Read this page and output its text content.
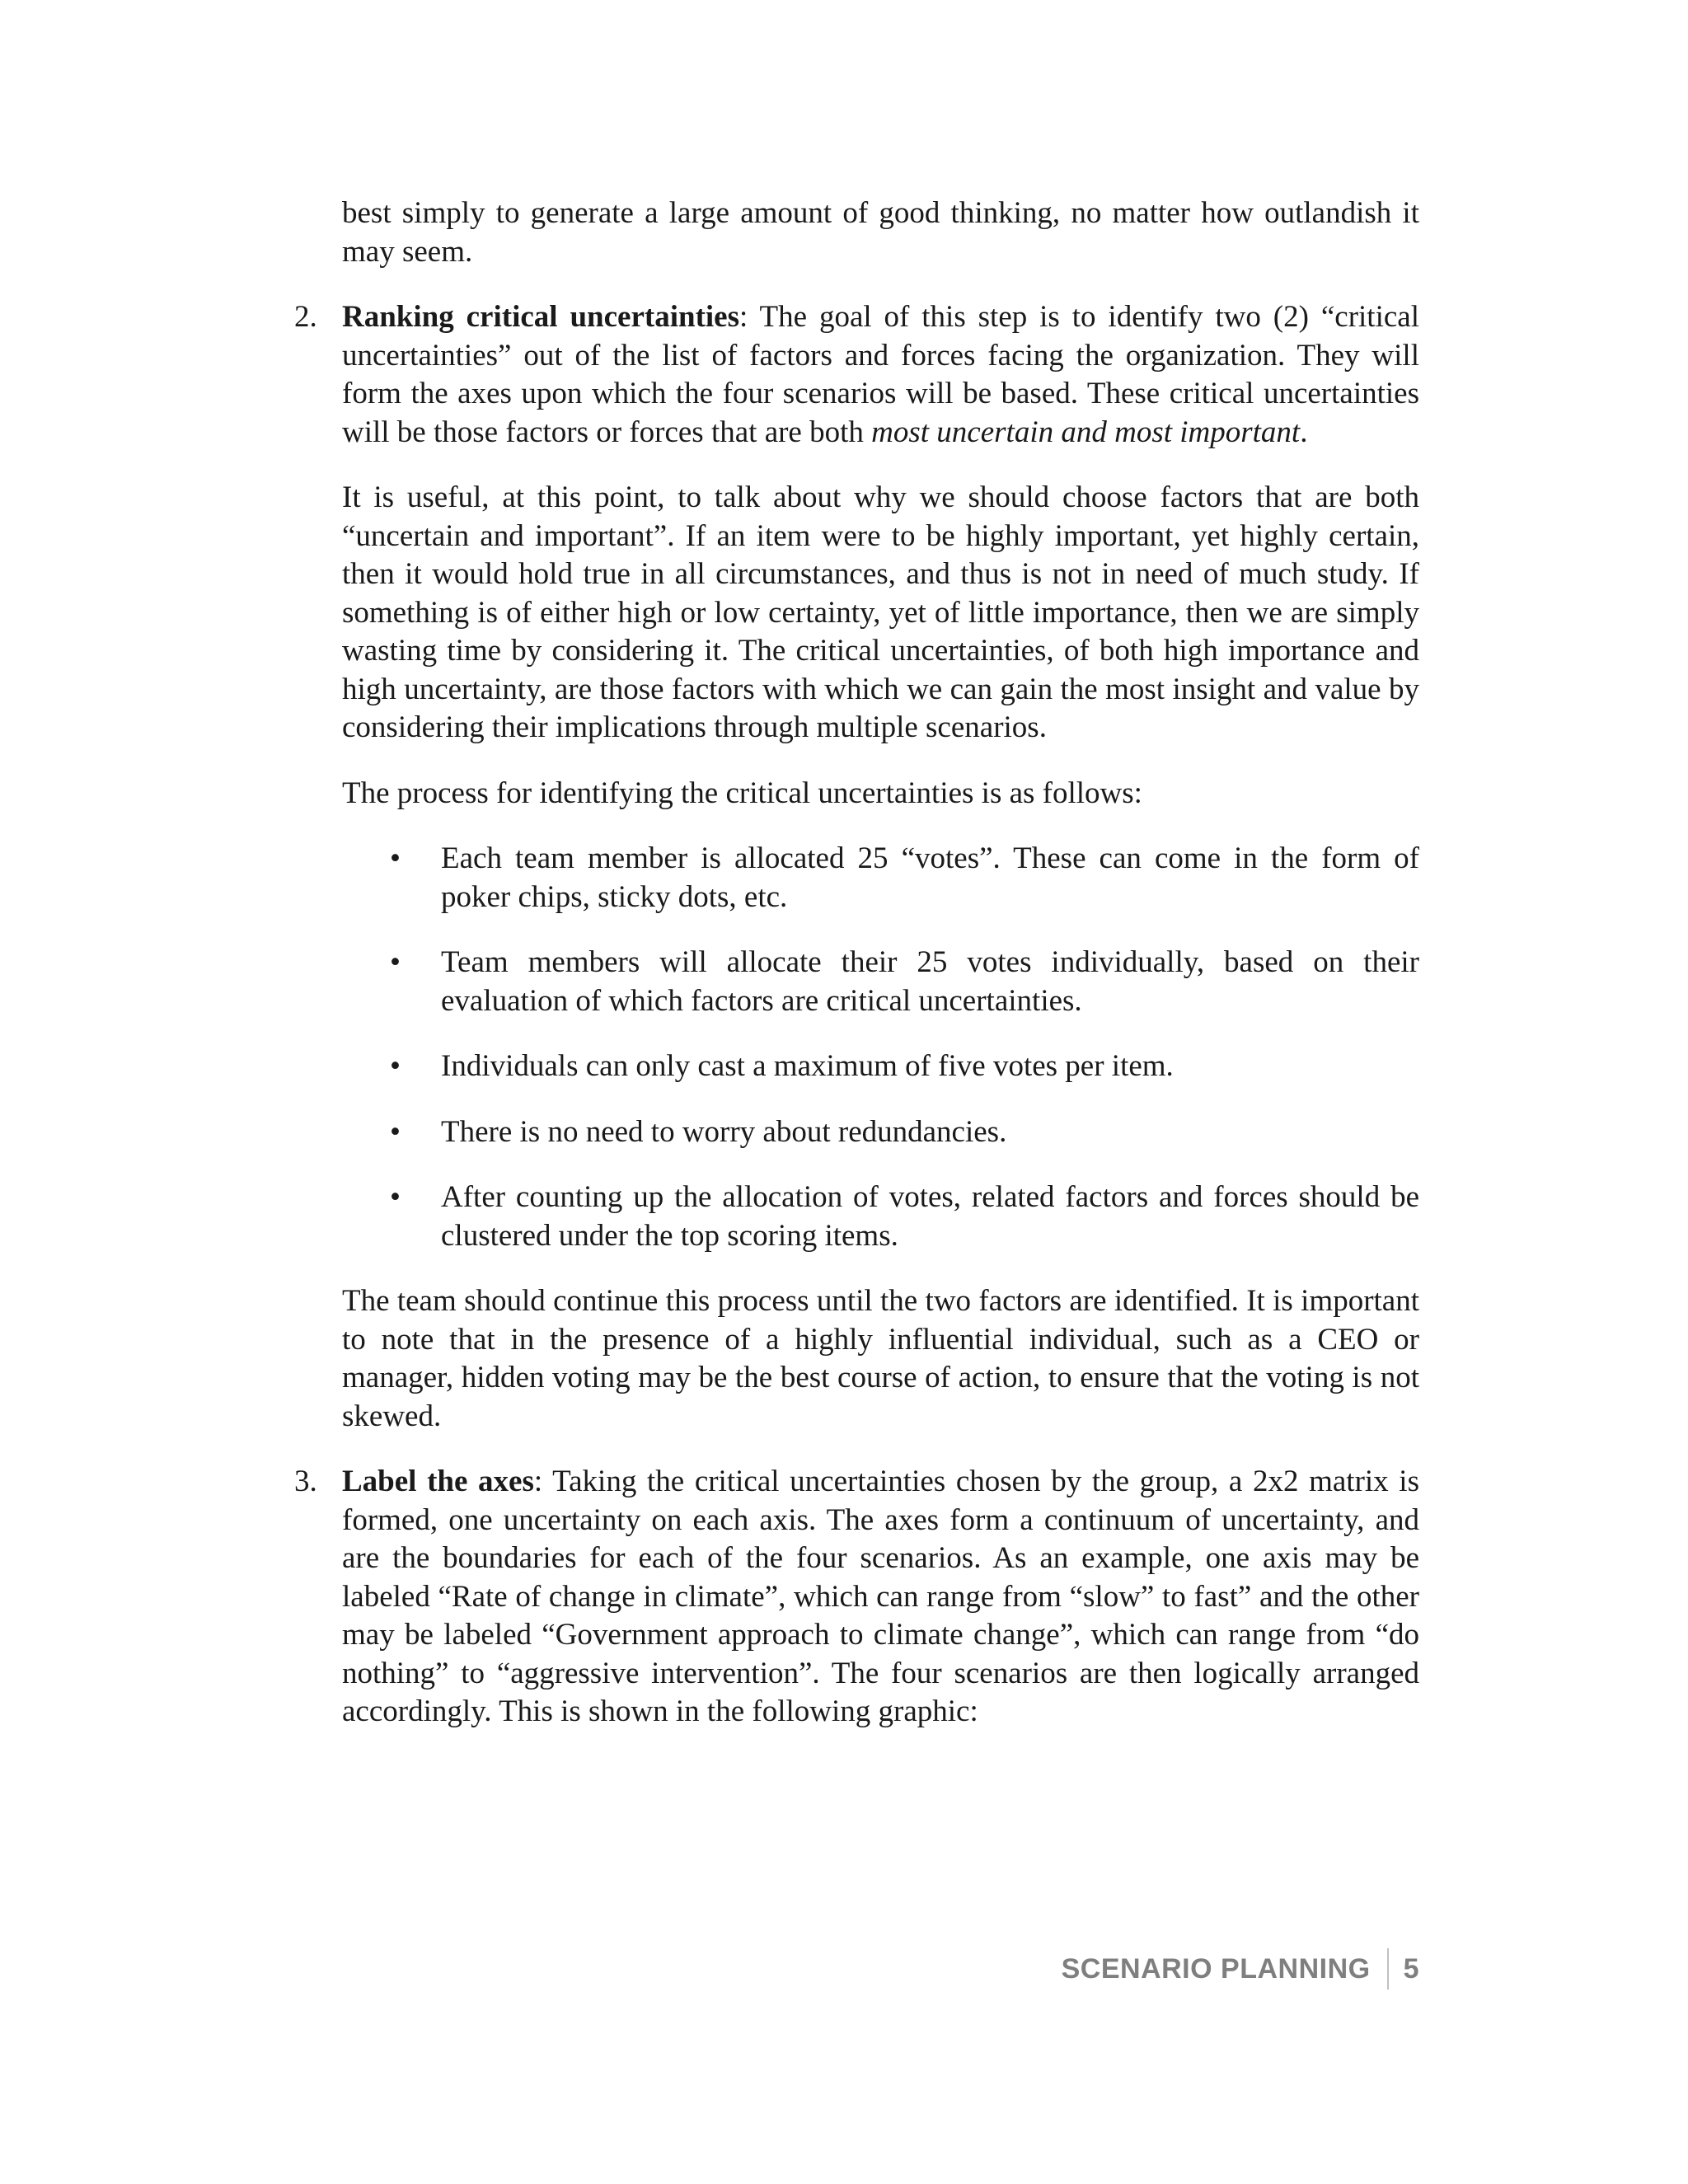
best simply to generate a large amount of good thinking, no matter how outlandish it may seem.

2. Ranking critical uncertainties: The goal of this step is to identify two (2) “critical uncertainties” out of the list of factors and forces facing the organization. They will form the axes upon which the four scenarios will be based. These critical uncertainties will be those factors or forces that are both most uncertain and most important.

It is useful, at this point, to talk about why we should choose factors that are both “uncertain and important”. If an item were to be highly important, yet highly certain, then it would hold true in all circumstances, and thus is not in need of much study. If something is of either high or low certainty, yet of little importance, then we are simply wasting time by considering it. The critical uncertainties, of both high importance and high uncertainty, are those factors with which we can gain the most insight and value by considering their implications through multiple scenarios.

The process for identifying the critical uncertainties is as follows:

• Each team member is allocated 25 “votes”. These can come in the form of poker chips, sticky dots, etc.
• Team members will allocate their 25 votes individually, based on their evaluation of which factors are critical uncertainties.
• Individuals can only cast a maximum of five votes per item.
• There is no need to worry about redundancies.
• After counting up the allocation of votes, related factors and forces should be clustered under the top scoring items.

The team should continue this process until the two factors are identified. It is important to note that in the presence of a highly influential individual, such as a CEO or manager, hidden voting may be the best course of action, to ensure that the voting is not skewed.

3. Label the axes: Taking the critical uncertainties chosen by the group, a 2x2 matrix is formed, one uncertainty on each axis. The axes form a continuum of uncertainty, and are the boundaries for each of the four scenarios. As an example, one axis may be labeled “Rate of change in climate”, which can range from “slow” to fast” and the other may be labeled “Government approach to climate change”, which can range from “do nothing” to “aggressive intervention”. The four scenarios are then logically arranged accordingly. This is shown in the following graphic:

SCENARIO PLANNING 5
